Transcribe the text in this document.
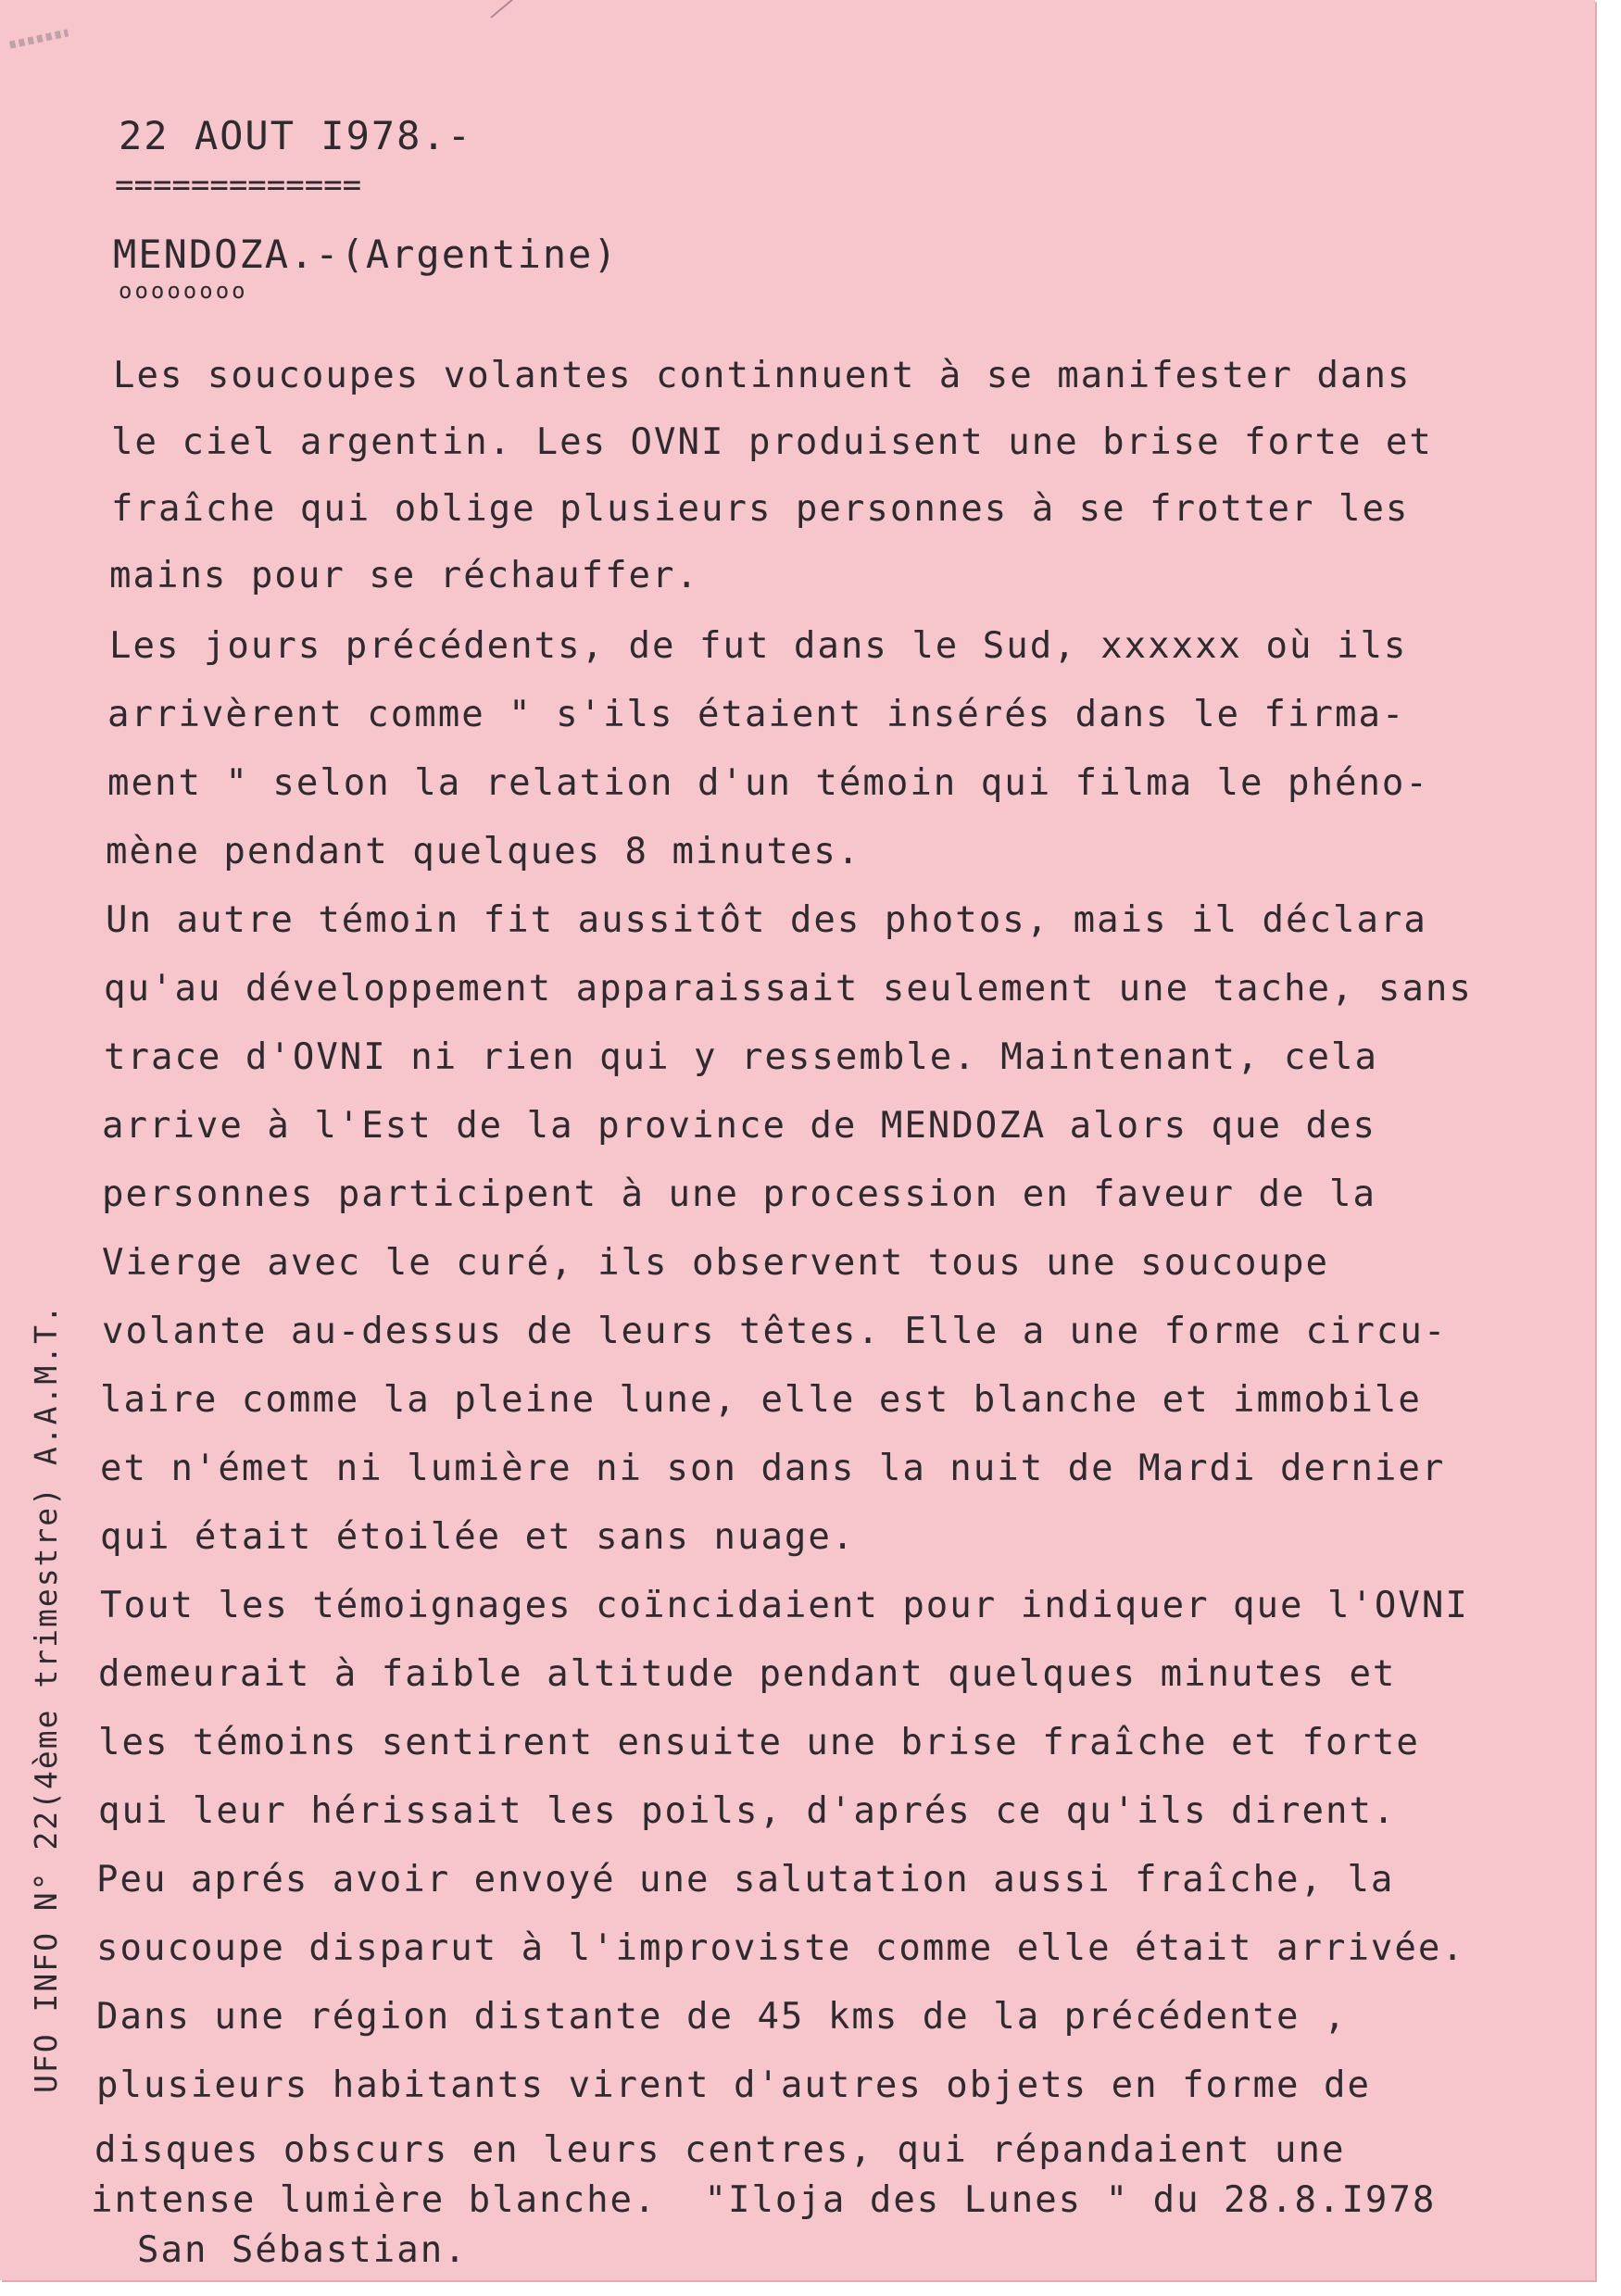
22 AOUT I978.-
=============
MENDOZA.-(Argentine)
oooooooo
Les soucoupes volantes continnuent à se manifester dans
le ciel argentin. Les OVNI produisent une brise forte et
fraîche qui oblige plusieurs personnes à se frotter les
mains pour se réchauffer.
Les jours précédents, de fut dans le Sud, xxxxxx où ils
arrivèrent comme " s'ils étaient insérés dans le firma-
ment " selon la relation d'un témoin qui filma le phéno-
mène pendant quelques 8 minutes.
Un autre témoin fit aussitôt des photos, mais il déclara
qu'au développement apparaissait seulement une tache, sans
trace d'OVNI ni rien qui y ressemble. Maintenant, cela
arrive à l'Est de la province de MENDOZA alors que des
personnes participent à une procession en faveur de la
Vierge avec le curé, ils observent tous une soucoupe
volante au-dessus de leurs têtes. Elle a une forme circu-
laire comme la pleine lune, elle est blanche et immobile
et n'émet ni lumière ni son dans la nuit de Mardi dernier
qui était étoilée et sans nuage.
Tout les témoignages coïncidaient pour indiquer que l'OVNI
demeurait à faible altitude pendant quelques minutes et
les témoins sentirent ensuite une brise fraîche et forte
qui leur hérissait les poils, d'aprés ce qu'ils dirent.
Peu aprés avoir envoyé une salutation aussi fraîche, la
soucoupe disparut à l'improviste comme elle était arrivée.
Dans une région distante de 45 kms de la précédente ,
plusieurs habitants virent d'autres objets en forme de
disques obscurs en leurs centres, qui répandaient une
intense lumière blanche.  "Iloja des Lunes " du 28.8.I978
San Sébastian.
UFO INFO N° 22(4ème trimestre) A.A.M.T.
